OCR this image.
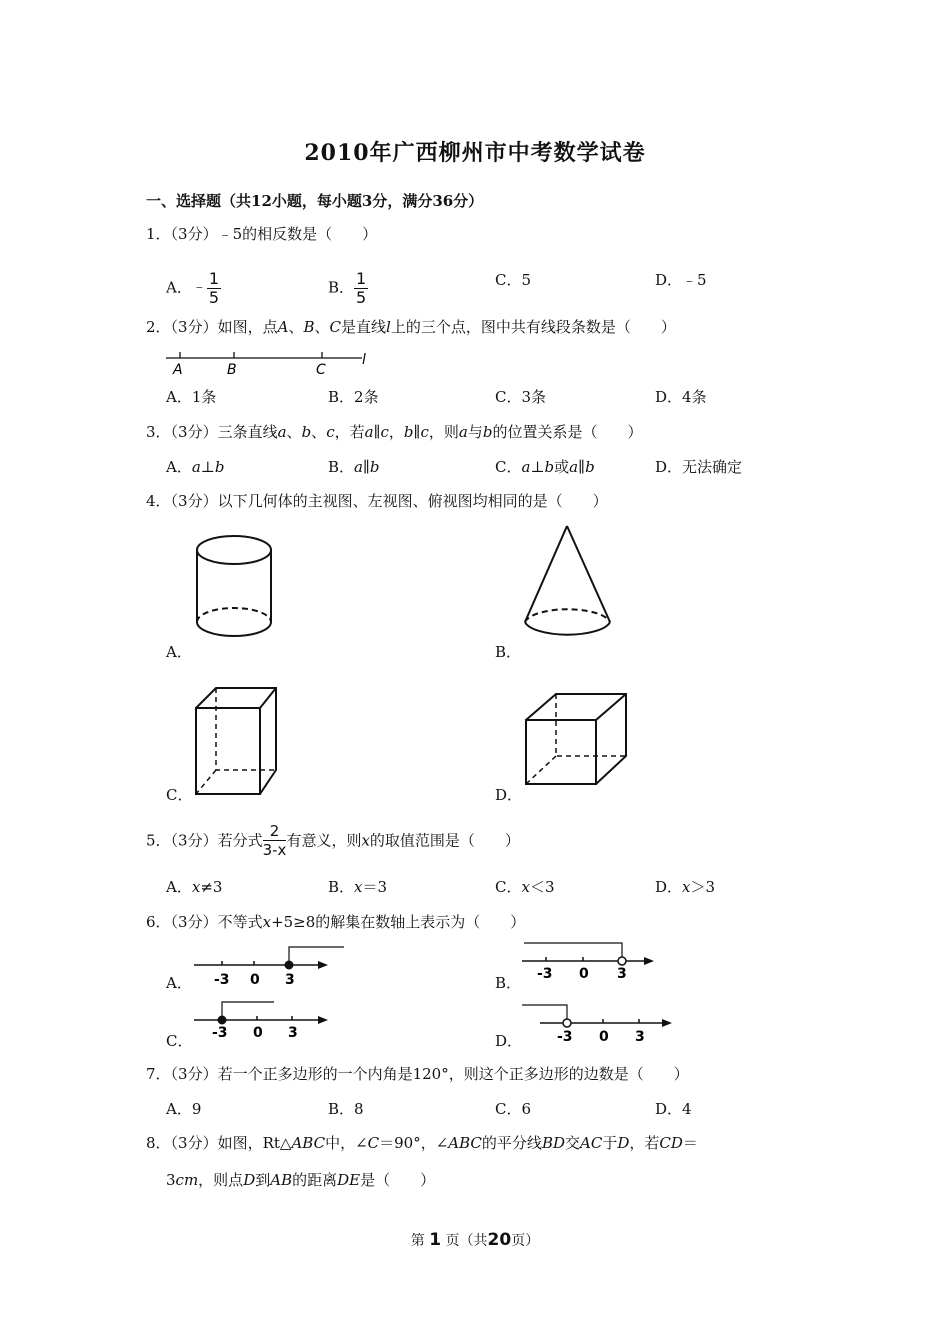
2010年广西柳州市中考数学试卷
一、选择题（共12小题，每小题3分，满分36分）
1．（3分）﹣5的相反数是（　　）
A．﹣ $\frac{1}{5}$	B． $\frac{1}{5}$	C．5	D．﹣5
2．（3分）如图，点A、B、C是直线l上的三个点，图中共有线段条数是（　　）
A	B	C
l
A．1条	B．2条	C．3条	D．4条
3．（3分）三条直线a、b、c，若a∥c，b∥c，则a与b的位置关系是（　　）
A．a⊥b	B．a∥b	C．a⊥b或a∥b	D．无法确定
4．（3分）以下几何体的主视图、左视图、俯视图均相同的是（　　）
A．	B．
C．	D．
5．（3分）若分式 $\frac{2}{3-x}$ 有意义，则x的取值范围是（　　）
A．x≠3	B．x＝3	C．x＜3	D．x＞3
6．（3分）不等式x+5≥8的解集在数轴上表示为（　　）
A． -3 0 3	B． -3 0 3
C． -3 0 3	D． -3 0 3
7．（3分）若一个正多边形的一个内角是120°，则这个正多边形的边数是（　　）
A．9	B．8	C．6	D．4
8．（3分）如图，Rt△ABC中，∠C＝90°，∠ABC的平分线BD交AC于D，若CD＝
3cm，则点D到AB的距离DE是（　　）
第 1 页（共20页）
